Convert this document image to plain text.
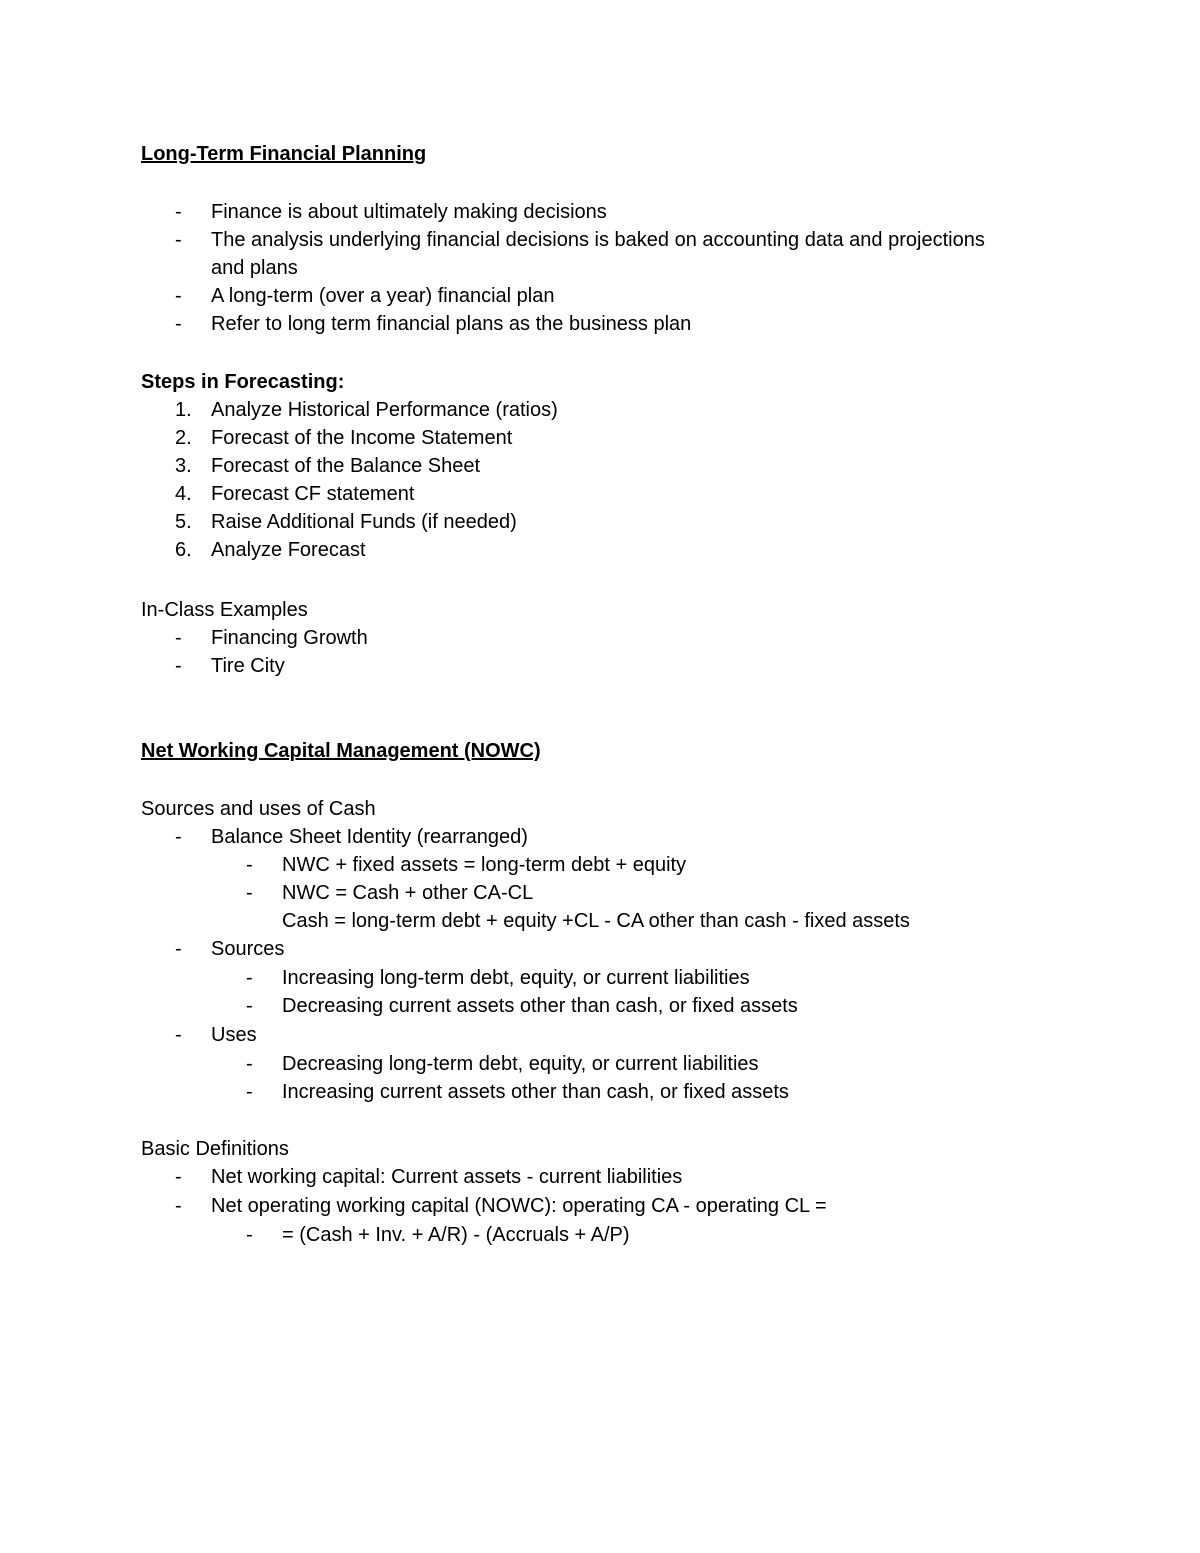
Long-Term Financial Planning
- Finance is about ultimately making decisions
- The analysis underlying financial decisions is baked on accounting data and projections
and plans
- A long-term (over a year) financial plan
- Refer to long term financial plans as the business plan
Steps in Forecasting:
1. Analyze Historical Performance (ratios)
2. Forecast of the Income Statement
3. Forecast of the Balance Sheet
4. Forecast CF statement
5. Raise Additional Funds (if needed)
6. Analyze Forecast
In-Class Examples
- Financing Growth
- Tire City
Net Working Capital Management (NOWC)
Sources and uses of Cash
- Balance Sheet Identity (rearranged)
- NWC + fixed assets = long-term debt + equity
- NWC = Cash + other CA-CL
Cash = long-term debt + equity +CL - CA other than cash - fixed assets
- Sources
- Increasing long-term debt, equity, or current liabilities
- Decreasing current assets other than cash, or fixed assets
- Uses
- Decreasing long-term debt, equity, or current liabilities
- Increasing current assets other than cash, or fixed assets
Basic Definitions
- Net working capital: Current assets - current liabilities
- Net operating working capital (NOWC): operating CA - operating CL =
- = (Cash + Inv. + A/R) - (Accruals + A/P)
